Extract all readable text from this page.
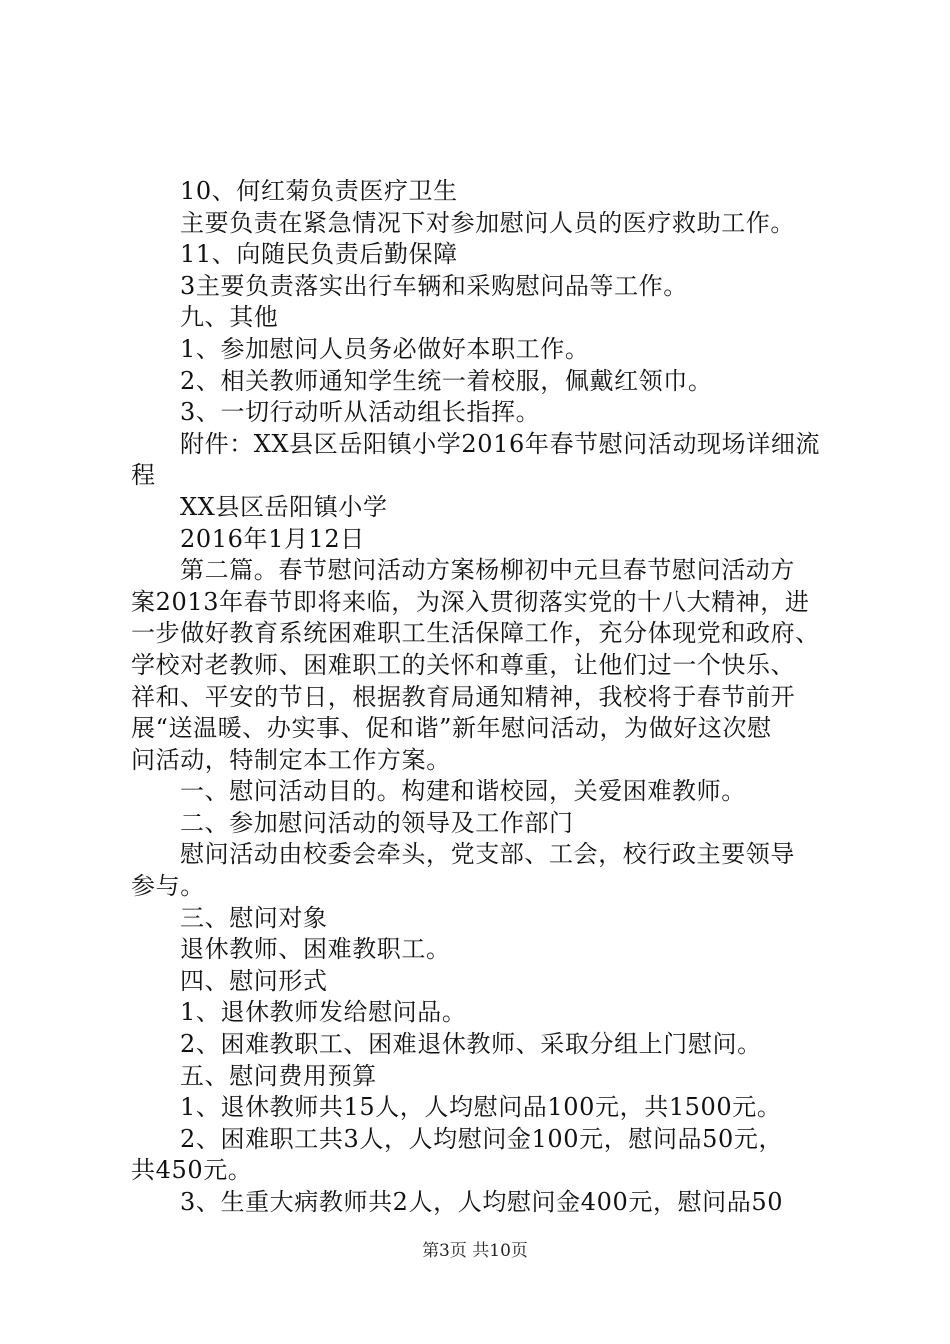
10、何红菊负责医疗卫生
主要负责在紧急情况下对参加慰问人员的医疗救助工作。
11、向随民负责后勤保障
3主要负责落实出行车辆和采购慰问品等工作。
九、其他
1、参加慰问人员务必做好本职工作。
2、相关教师通知学生统一着校服，佩戴红领巾。
3、一切行动听从活动组长指挥。
附件：XX县区岳阳镇小学2016年春节慰问活动现场详细流
程
XX县区岳阳镇小学
2016年1月12日
第二篇。春节慰问活动方案杨柳初中元旦春节慰问活动方
案2013年春节即将来临，为深入贯彻落实党的十八大精神，进
一步做好教育系统困难职工生活保障工作，充分体现党和政府、
学校对老教师、困难职工的关怀和尊重，让他们过一个快乐、
祥和、平安的节日，根据教育局通知精神，我校将于春节前开
展“送温暖、办实事、促和谐”新年慰问活动，为做好这次慰
问活动，特制定本工作方案。
一、慰问活动目的。构建和谐校园，关爱困难教师。
二、参加慰问活动的领导及工作部门
慰问活动由校委会牵头，党支部、工会，校行政主要领导
参与。
三、慰问对象
退休教师、困难教职工。
四、慰问形式
1、退休教师发给慰问品。
2、困难教职工、困难退休教师、采取分组上门慰问。
五、慰问费用预算
1、退休教师共15人，人均慰问品100元，共1500元。
2、困难职工共3人，人均慰问金100元，慰问品50元，
共450元。
3、生重大病教师共2人，人均慰问金400元，慰问品50
第3页 共10页
